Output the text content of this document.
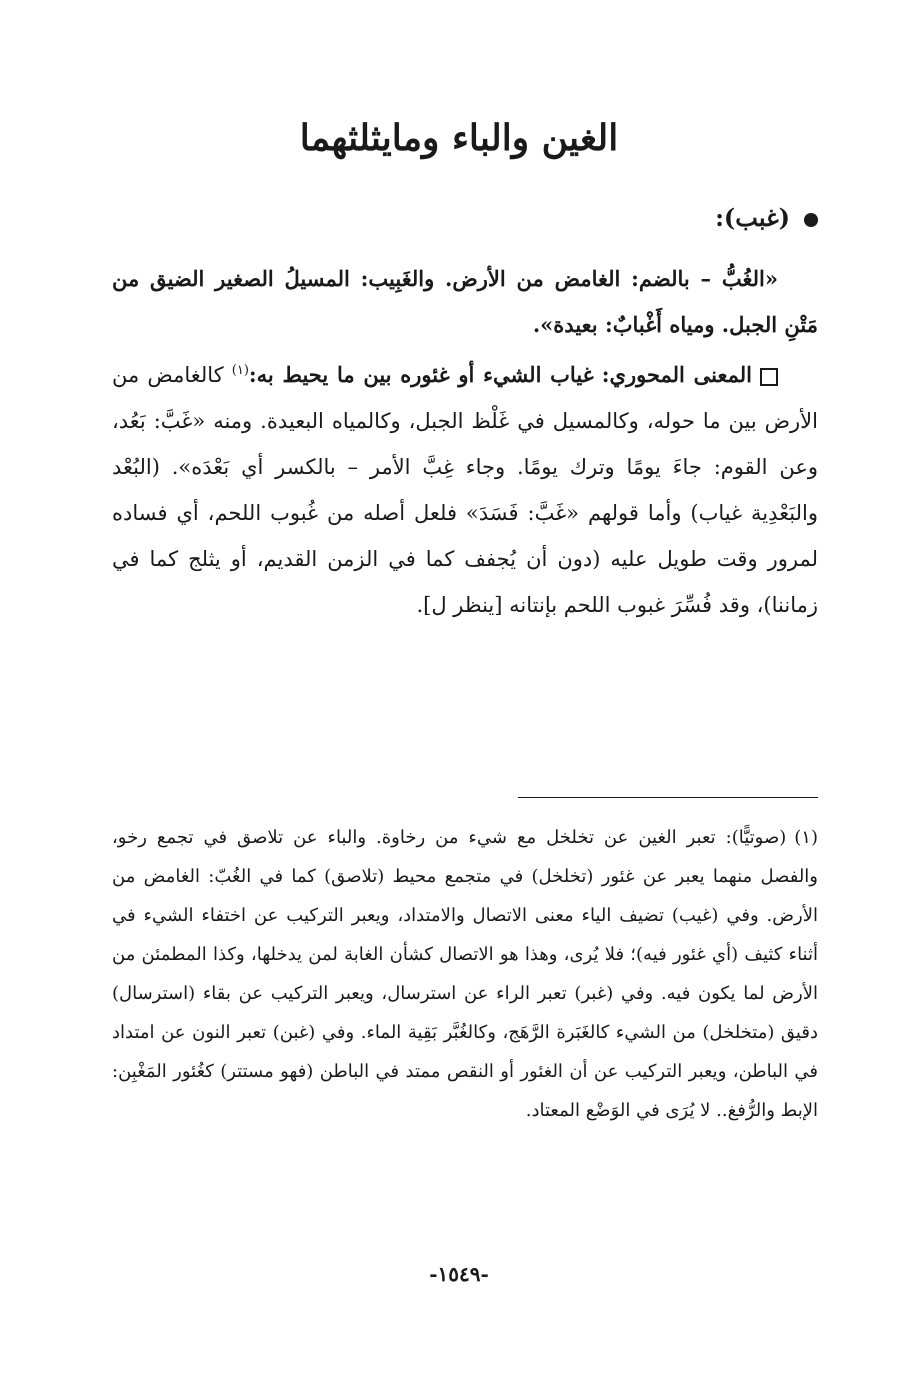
الغين والباء ومايثلثهما
(غبب):

«الغُبُّ – بالضم: الغامض من الأرض. والغَبِيب: المسيلُ الصغير الضيق من مَتْنِ الجبل. ومياه أَغْبابٌ: بعيدة».

المعنى المحوري: غياب الشيء أو غئوره بين ما يحيط به:$^{(١)}$ كالغامض من الأرض بين ما حوله، وكالمسيل في غَلْظ الجبل، وكالمياه البعيدة. ومنه «غَبَّ: بَعُد، وعن القوم: جاءَ يومًا وترك يومًا. وجاء غِبَّ الأمر – بالكسر أي بَعْدَه». (البُعْد والبَعْدِية غياب) وأما قولهم «غَبَّ: فَسَدَ» فلعل أصله من غُبوب اللحم، أي فساده لمرور وقت طويل عليه (دون أن يُجفف كما في الزمن القديم، أو يثلج كما في زماننا)، وقد فُسِّرَ غبوب اللحم بإنتانه [ينظر ل].

(١)(صوتيًّا): تعبر الغين عن تخلخل مع شيء من رخاوة. والباء عن تلاصق في تجمع رخو، والفصل منهما يعبر عن غئور (تخلخل) في متجمع محيط (تلاصق) كما في الغُبّ: الغامض من الأرض. وفي (غيب) تضيف الياء معنى الاتصال والامتداد، ويعبر التركيب عن اختفاء الشيء في أثناء كثيف (أي غئور فيه)؛ فلا يُرى، وهذا هو الاتصال كشأن الغابة لمن يدخلها، وكذا المطمئن من الأرض لما يكون فيه. وفي (غبر) تعبر الراء عن استرسال، ويعبر التركيب عن بقاء (استرسال) دقيق (متخلخل) من الشيء كالغَبَرة الرَّهَج، وكالغُبَّر بَقِية الماء. وفي (غبن) تعبر النون عن امتداد في الباطن، ويعبر التركيب عن أن الغئور أو النقص ممتد في الباطن (فهو مستتر) كغُئور المَغْبِن: الإبط والرُّفغ.. لا يُرَى في الوَضْع المعتاد.
-١٥٤٩-
